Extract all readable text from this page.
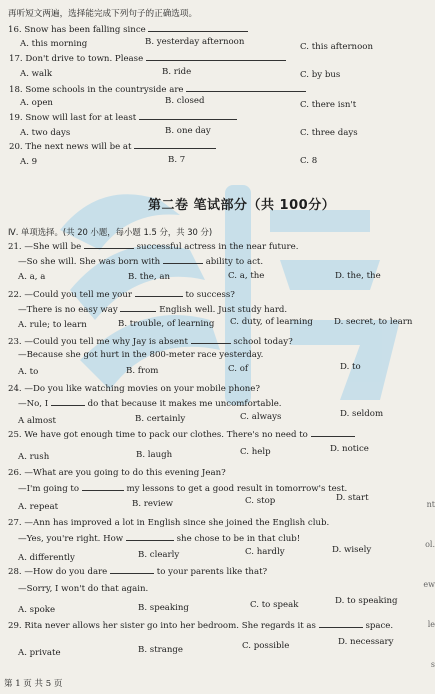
再听短文两遍，选择能完成下列句子的正确选项。
16. Snow has been falling since
A. this morning	B. yesterday afternoon	C. this afternoon
17. Don't drive to town. Please
A. walk	B. ride	C. by bus
18. Some schools in the countryside are
A. open	B. closed	C. there isn't
19. Snow will last for at least
A. two days	B. one day	C. three days
20. The next news will be at
A. 9	B. 7	C. 8
第二卷 笔试部分（共 100分）
Ⅳ. 单项选择。(共 20 小题，每小题 1.5 分，共 30 分)
21. —She will be	successful actress in the near future.
—So she will. She was born with	ability to act.
A. a, a	B. the, an	C. a, the	D. the, the
22. —Could you tell me your	to success?
—There is no easy way	English well. Just study hard.
A. rule; to learn	B. trouble, of learning C. duty, of learning D. secret, to learn
23. —Could you tell me why Jay is absent	school today?
—Because she got hurt in the 800-meter race yesterday.
A. to	B. from	C. of	D. to
24. —Do you like watching movies on your mobile phone?
—No, I	do that because it makes me uncomfortable.
A almost	B. certainly	C. always	D. seldom
25. We have got enough time to pack our clothes. There's no need to
A. rush	B. laugh	C. help	D. notice
26. —What are you going to do this evening Jean?
—I'm going to	my lessons to get a good result in tomorrow's test.
A. repeat	B. review	C. stop	D. start
27. —Ann has improved a lot in English since she joined the English club.
—Yes, you're right. How	she chose to be in that club!
A. differently	B. clearly	C. hardly	D. wisely
28. —How do you dare	to your parents like that?
—Sorry, I won't do that again.
A. spoke	B. speaking	C. to speak	D. to speaking
29. Rita never allows her sister go into her bedroom. She regards it as	space.
A. private	B. strange	C. possible	D. necessary
nt
ol.
ew
le
s
第 1 页 共 5 页
